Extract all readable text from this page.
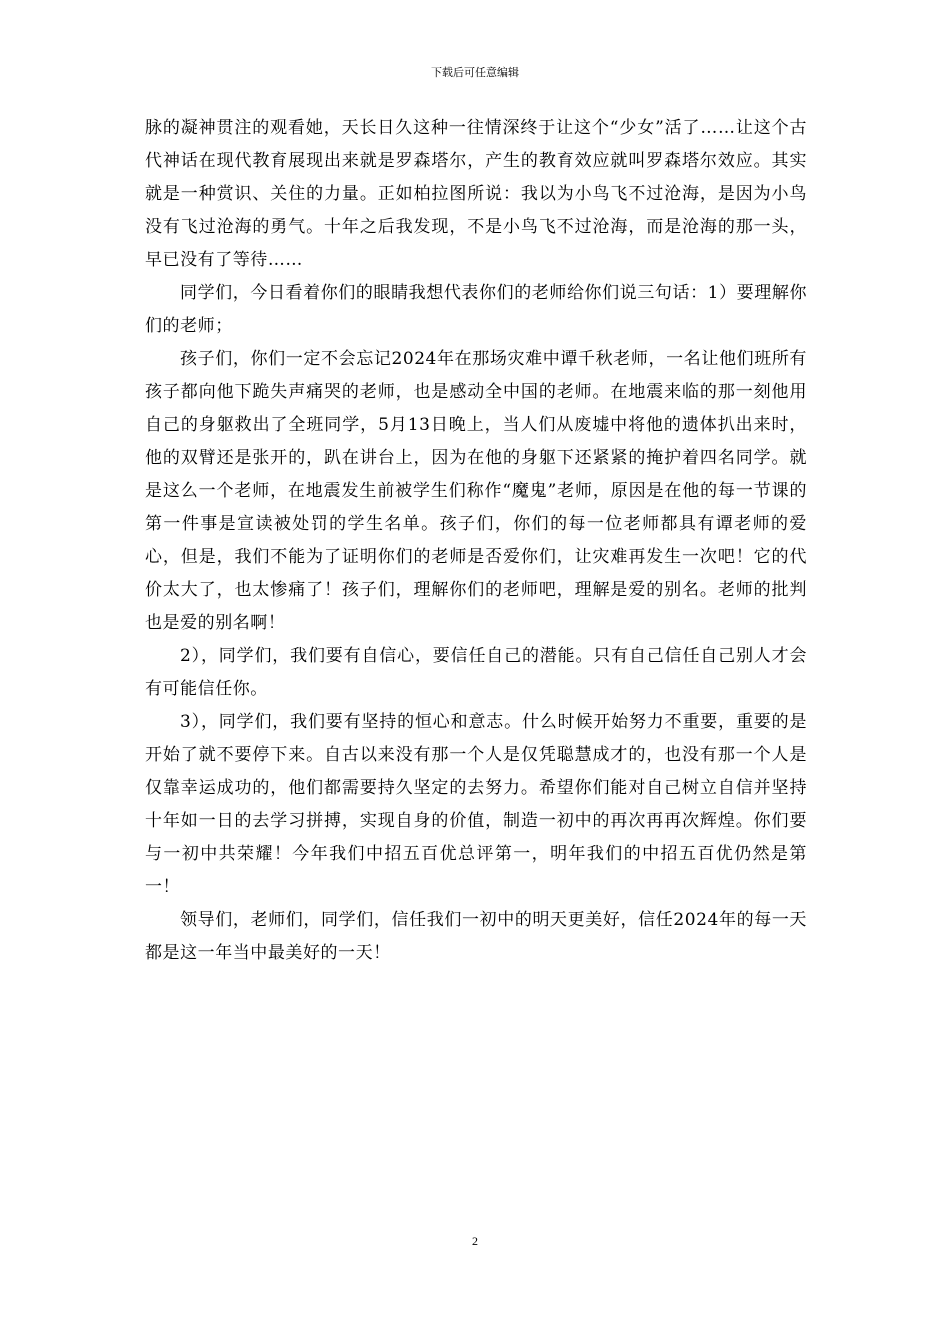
下载后可任意编辑

脉的凝神贯注的观看她，天长日久这种一往情深终于让这个“少女”活了……让这个古代神话在现代教育展现出来就是罗森塔尔，产生的教育效应就叫罗森塔尔效应。其实就是一种赏识、关住的力量。正如柏拉图所说：我以为小鸟飞不过沧海，是因为小鸟没有飞过沧海的勇气。十年之后我发现，不是小鸟飞不过沧海，而是沧海的那一头，早已没有了等待……

同学们，今日看着你们的眼睛我想代表你们的老师给你们说三句话：1）要理解你们的老师；

孩子们，你们一定不会忘记2024年在那场灾难中谭千秋老师，一名让他们班所有孩子都向他下跪失声痛哭的老师，也是感动全中国的老师。在地震来临的那一刻他用自己的身躯救出了全班同学，5月13日晚上，当人们从废墟中将他的遗体扒出来时，他的双臂还是张开的，趴在讲台上，因为在他的身躯下还紧紧的掩护着四名同学。就是这么一个老师，在地震发生前被学生们称作“魔鬼”老师，原因是在他的每一节课的第一件事是宣读被处罚的学生名单。孩子们，你们的每一位老师都具有谭老师的爱心，但是，我们不能为了证明你们的老师是否爱你们，让灾难再发生一次吧！它的代价太大了，也太惨痛了！孩子们，理解你们的老师吧，理解是爱的别名。老师的批判也是爱的别名啊！

2），同学们，我们要有自信心，要信任自己的潜能。只有自己信任自己别人才会有可能信任你。

3），同学们，我们要有坚持的恒心和意志。什么时候开始努力不重要，重要的是开始了就不要停下来。自古以来没有那一个人是仅凭聪慧成才的，也没有那一个人是仅靠幸运成功的，他们都需要持久坚定的去努力。希望你们能对自己树立自信并坚持十年如一日的去学习拼搏，实现自身的价值，制造一初中的再次再再次辉煌。你们要与一初中共荣耀！今年我们中招五百优总评第一，明年我们的中招五百优仍然是第一！

领导们，老师们，同学们，信任我们一初中的明天更美好，信任2024年的每一天都是这一年当中最美好的一天！

2
